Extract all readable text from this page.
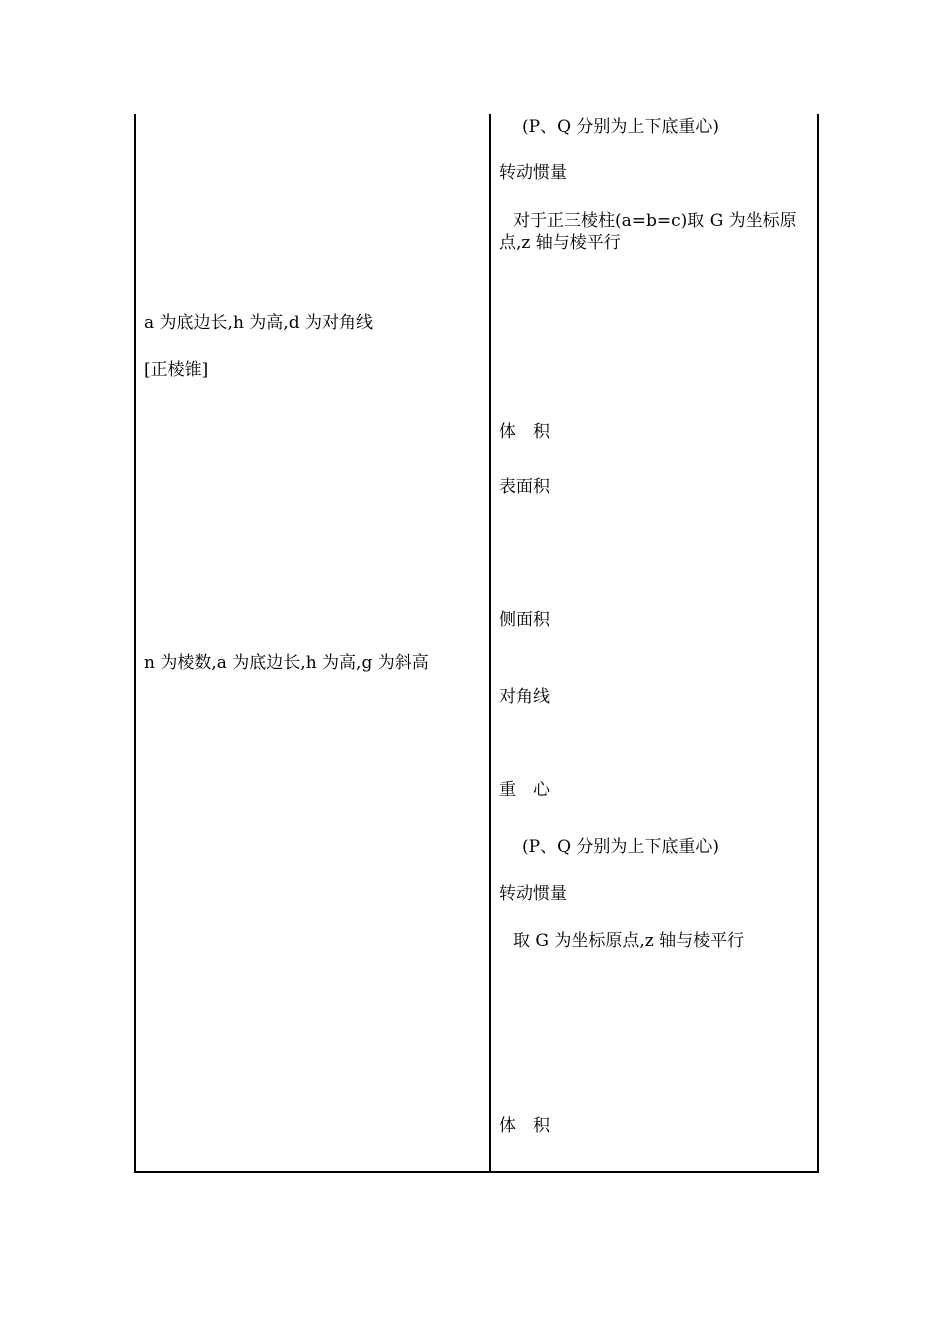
a 为底边长,h 为高,d 为对角线
[正棱锥]
n 为棱数,a 为底边长,h 为高,g 为斜高
(P、Q 分别为上下底重心)
转动惯量
对于正三棱柱(a=b=c)取 G 为坐标原点,z 轴与棱平行
体　积
表面积
侧面积
对角线
重　心
(P、Q 分别为上下底重心)
转动惯量
取 G 为坐标原点,z 轴与棱平行
体　积
